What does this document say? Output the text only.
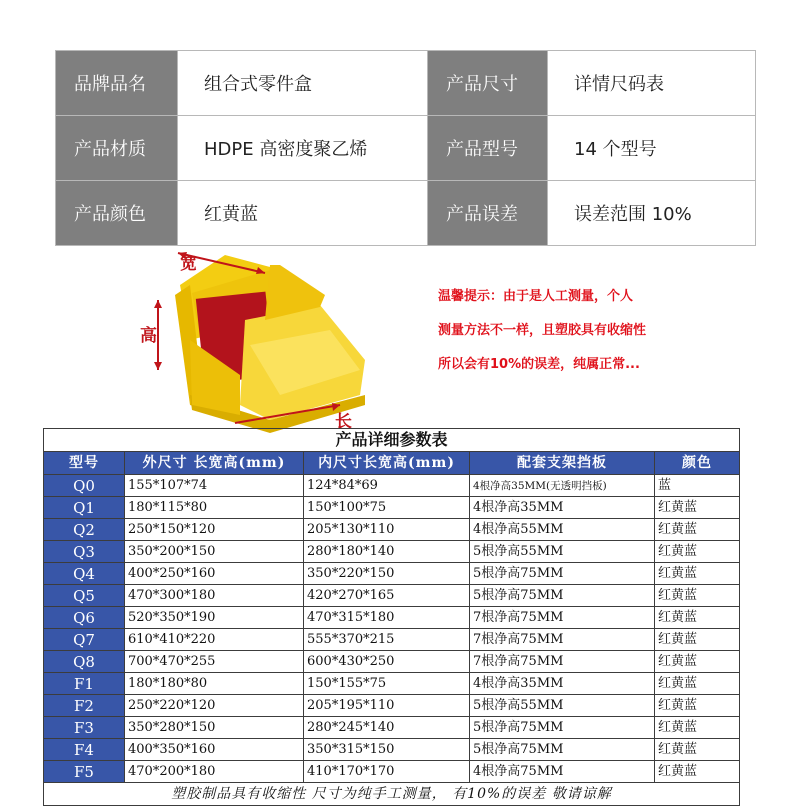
品牌品名	组合式零件盒	产品尺寸	详情尺码表
产品材质	HDPE 高密度聚乙烯	产品型号	14 个型号
产品颜色	红黄蓝	产品误差	误差范围 10%
宽
高
长
温馨提示：由于是人工测量，个人
测量方法不一样，且塑胶具有收缩性
所以会有10%的误差，纯属正常...
产品详细参数表				
型号	外尺寸 长宽高(mm)	内尺寸长宽高(mm)	配套支架挡板	颜色
Q0	155*107*74	124*84*69	4根净高35MM(无透明挡板)	蓝
Q1	180*115*80	150*100*75	4根净高35MM	红黄蓝
Q2	250*150*120	205*130*110	4根净高55MM	红黄蓝
Q3	350*200*150	280*180*140	5根净高55MM	红黄蓝
Q4	400*250*160	350*220*150	5根净高75MM	红黄蓝
Q5	470*300*180	420*270*165	5根净高75MM	红黄蓝
Q6	520*350*190	470*315*180	7根净高75MM	红黄蓝
Q7	610*410*220	555*370*215	7根净高75MM	红黄蓝
Q8	700*470*255	600*430*250	7根净高75MM	红黄蓝
F1	180*180*80	150*155*75	4根净高35MM	红黄蓝
F2	250*220*120	205*195*110	5根净高55MM	红黄蓝
F3	350*280*150	280*245*140	5根净高75MM	红黄蓝
F4	400*350*160	350*315*150	5根净高75MM	红黄蓝
F5	470*200*180	410*170*170	4根净高75MM	红黄蓝
塑胶制品具有收缩性 尺寸为纯手工测量， 有10%的误差 敬请谅解				
